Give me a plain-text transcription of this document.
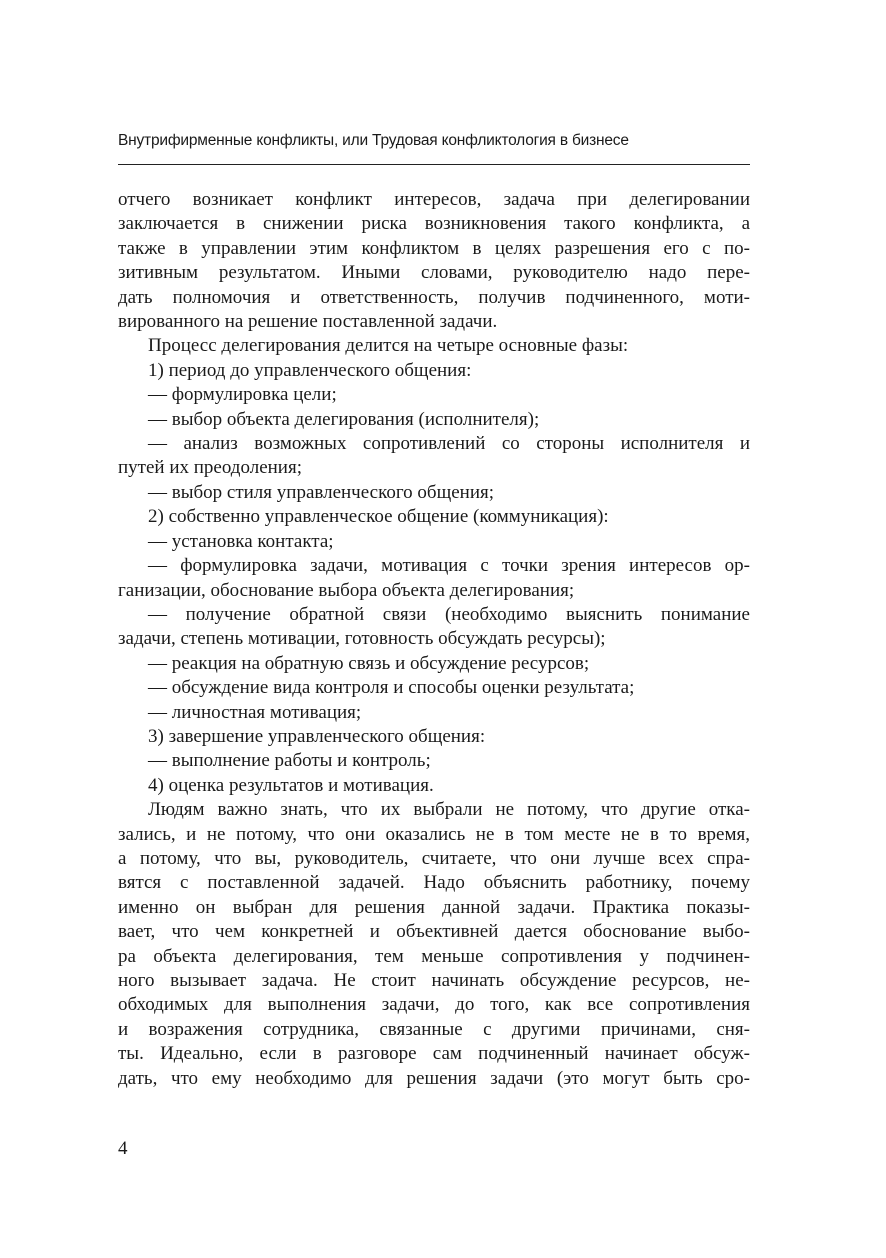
Внутрифирменные конфликты, или Трудовая конфликтология в бизнесе
отчего возникает конфликт интересов, задача при делегировании
заключается в снижении риска возникновения такого конфликта, а
также в управлении этим конфликтом в целях разрешения его с по-
зитивным результатом. Иными словами, руководителю надо пере-
дать полномочия и ответственность, получив подчиненного, моти-
вированного на решение поставленной задачи.
Процесс делегирования делится на четыре основные фазы:
1) период до управленческого общения:
— формулировка цели;
— выбор объекта делегирования (исполнителя);
— анализ возможных сопротивлений со стороны исполнителя и
путей их преодоления;
— выбор стиля управленческого общения;
2) собственно управленческое общение (коммуникация):
— установка контакта;
— формулировка задачи, мотивация с точки зрения интересов ор-
ганизации, обоснование выбора объекта делегирования;
— получение обратной связи (необходимо выяснить понимание
задачи, степень мотивации, готовность обсуждать ресурсы);
— реакция на обратную связь и обсуждение ресурсов;
— обсуждение вида контроля и способы оценки результата;
— личностная мотивация;
3) завершение управленческого общения:
— выполнение работы и контроль;
4) оценка результатов и мотивация.
Людям важно знать, что их выбрали не потому, что другие отка-
зались, и не потому, что они оказались не в том месте не в то время,
а потому, что вы, руководитель, считаете, что они лучше всех спра-
вятся с поставленной задачей. Надо объяснить работнику, почему
именно он выбран для решения данной задачи. Практика показы-
вает, что чем конкретней и объективней дается обоснование выбо-
ра объекта делегирования, тем меньше сопротивления у подчинен-
ного вызывает задача. Не стоит начинать обсуждение ресурсов, не-
обходимых для выполнения задачи, до того, как все сопротивления
и возражения сотрудника, связанные с другими причинами, сня-
ты. Идеально, если в разговоре сам подчиненный начинает обсуж-
дать, что ему необходимо для решения задачи (это могут быть сро-
4
